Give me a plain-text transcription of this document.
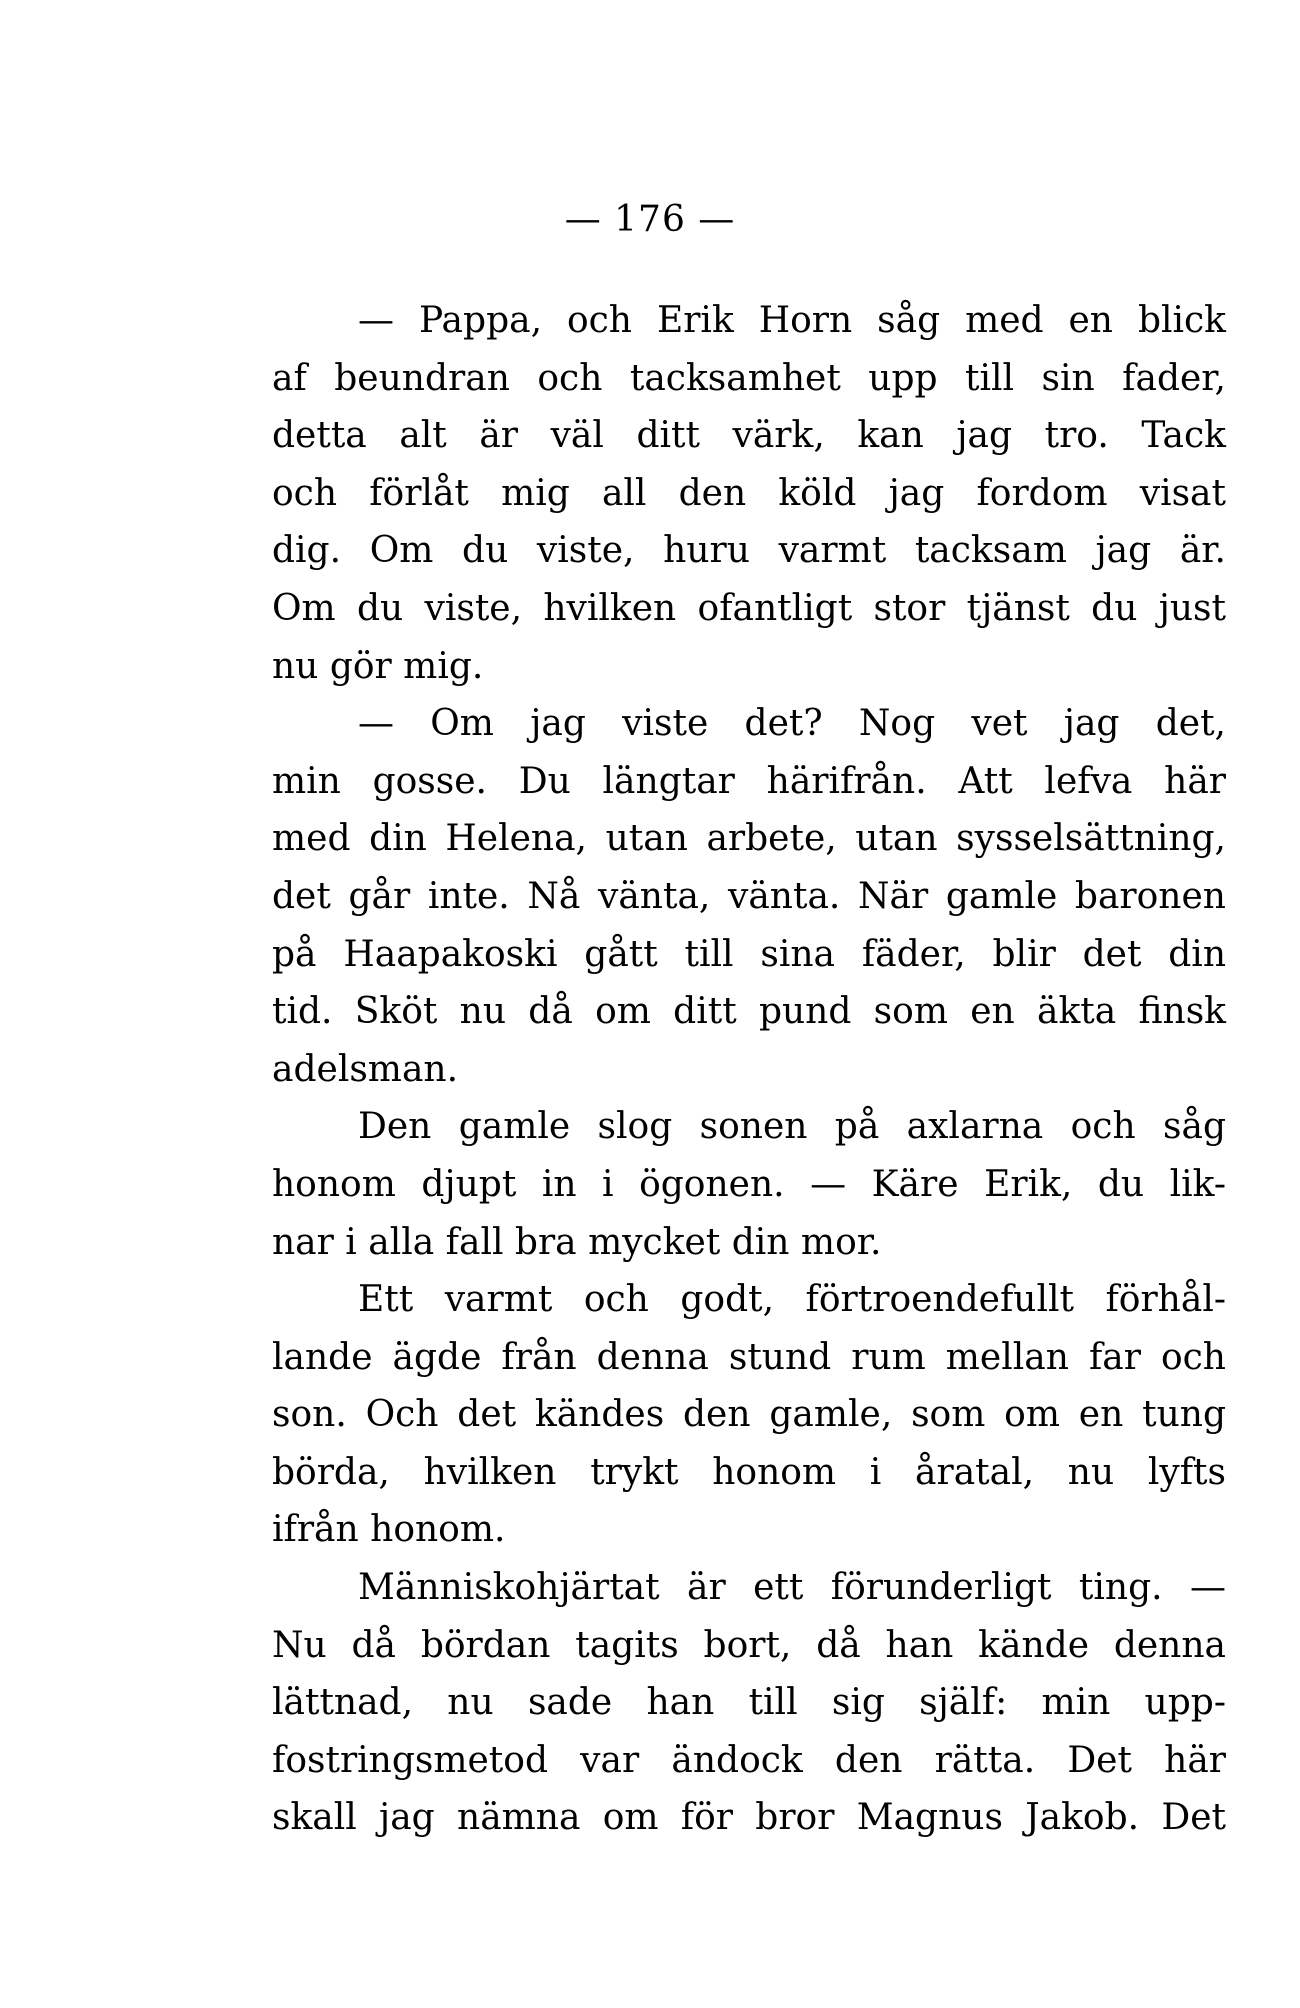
— 176 —
— Pappa, och Erik Horn såg med en blick
af beundran och tacksamhet upp till sin fader,
detta alt är väl ditt värk, kan jag tro. Tack
och förlåt mig all den köld jag fordom visat
dig. Om du viste, huru varmt tacksam jag är.
Om du viste, hvilken ofantligt stor tjänst du just
nu gör mig.
— Om jag viste det? Nog vet jag det,
min gosse. Du längtar härifrån. Att lefva här
med din Helena, utan arbete, utan sysselsättning,
det går inte. Nå vänta, vänta. När gamle baronen
på Haapakoski gått till sina fäder, blir det din
tid. Sköt nu då om ditt pund som en äkta finsk
adelsman.
Den gamle slog sonen på axlarna och såg
honom djupt in i ögonen. — Käre Erik, du lik-
nar i alla fall bra mycket din mor.
Ett varmt och godt, förtroendefullt förhål-
lande ägde från denna stund rum mellan far och
son. Och det kändes den gamle, som om en tung
börda, hvilken trykt honom i åratal, nu lyfts
ifrån honom.
Människohjärtat är ett förunderligt ting. —
Nu då bördan tagits bort, då han kände denna
lättnad, nu sade han till sig själf: min upp-
fostringsmetod var ändock den rätta. Det här
skall jag nämna om för bror Magnus Jakob. Det
